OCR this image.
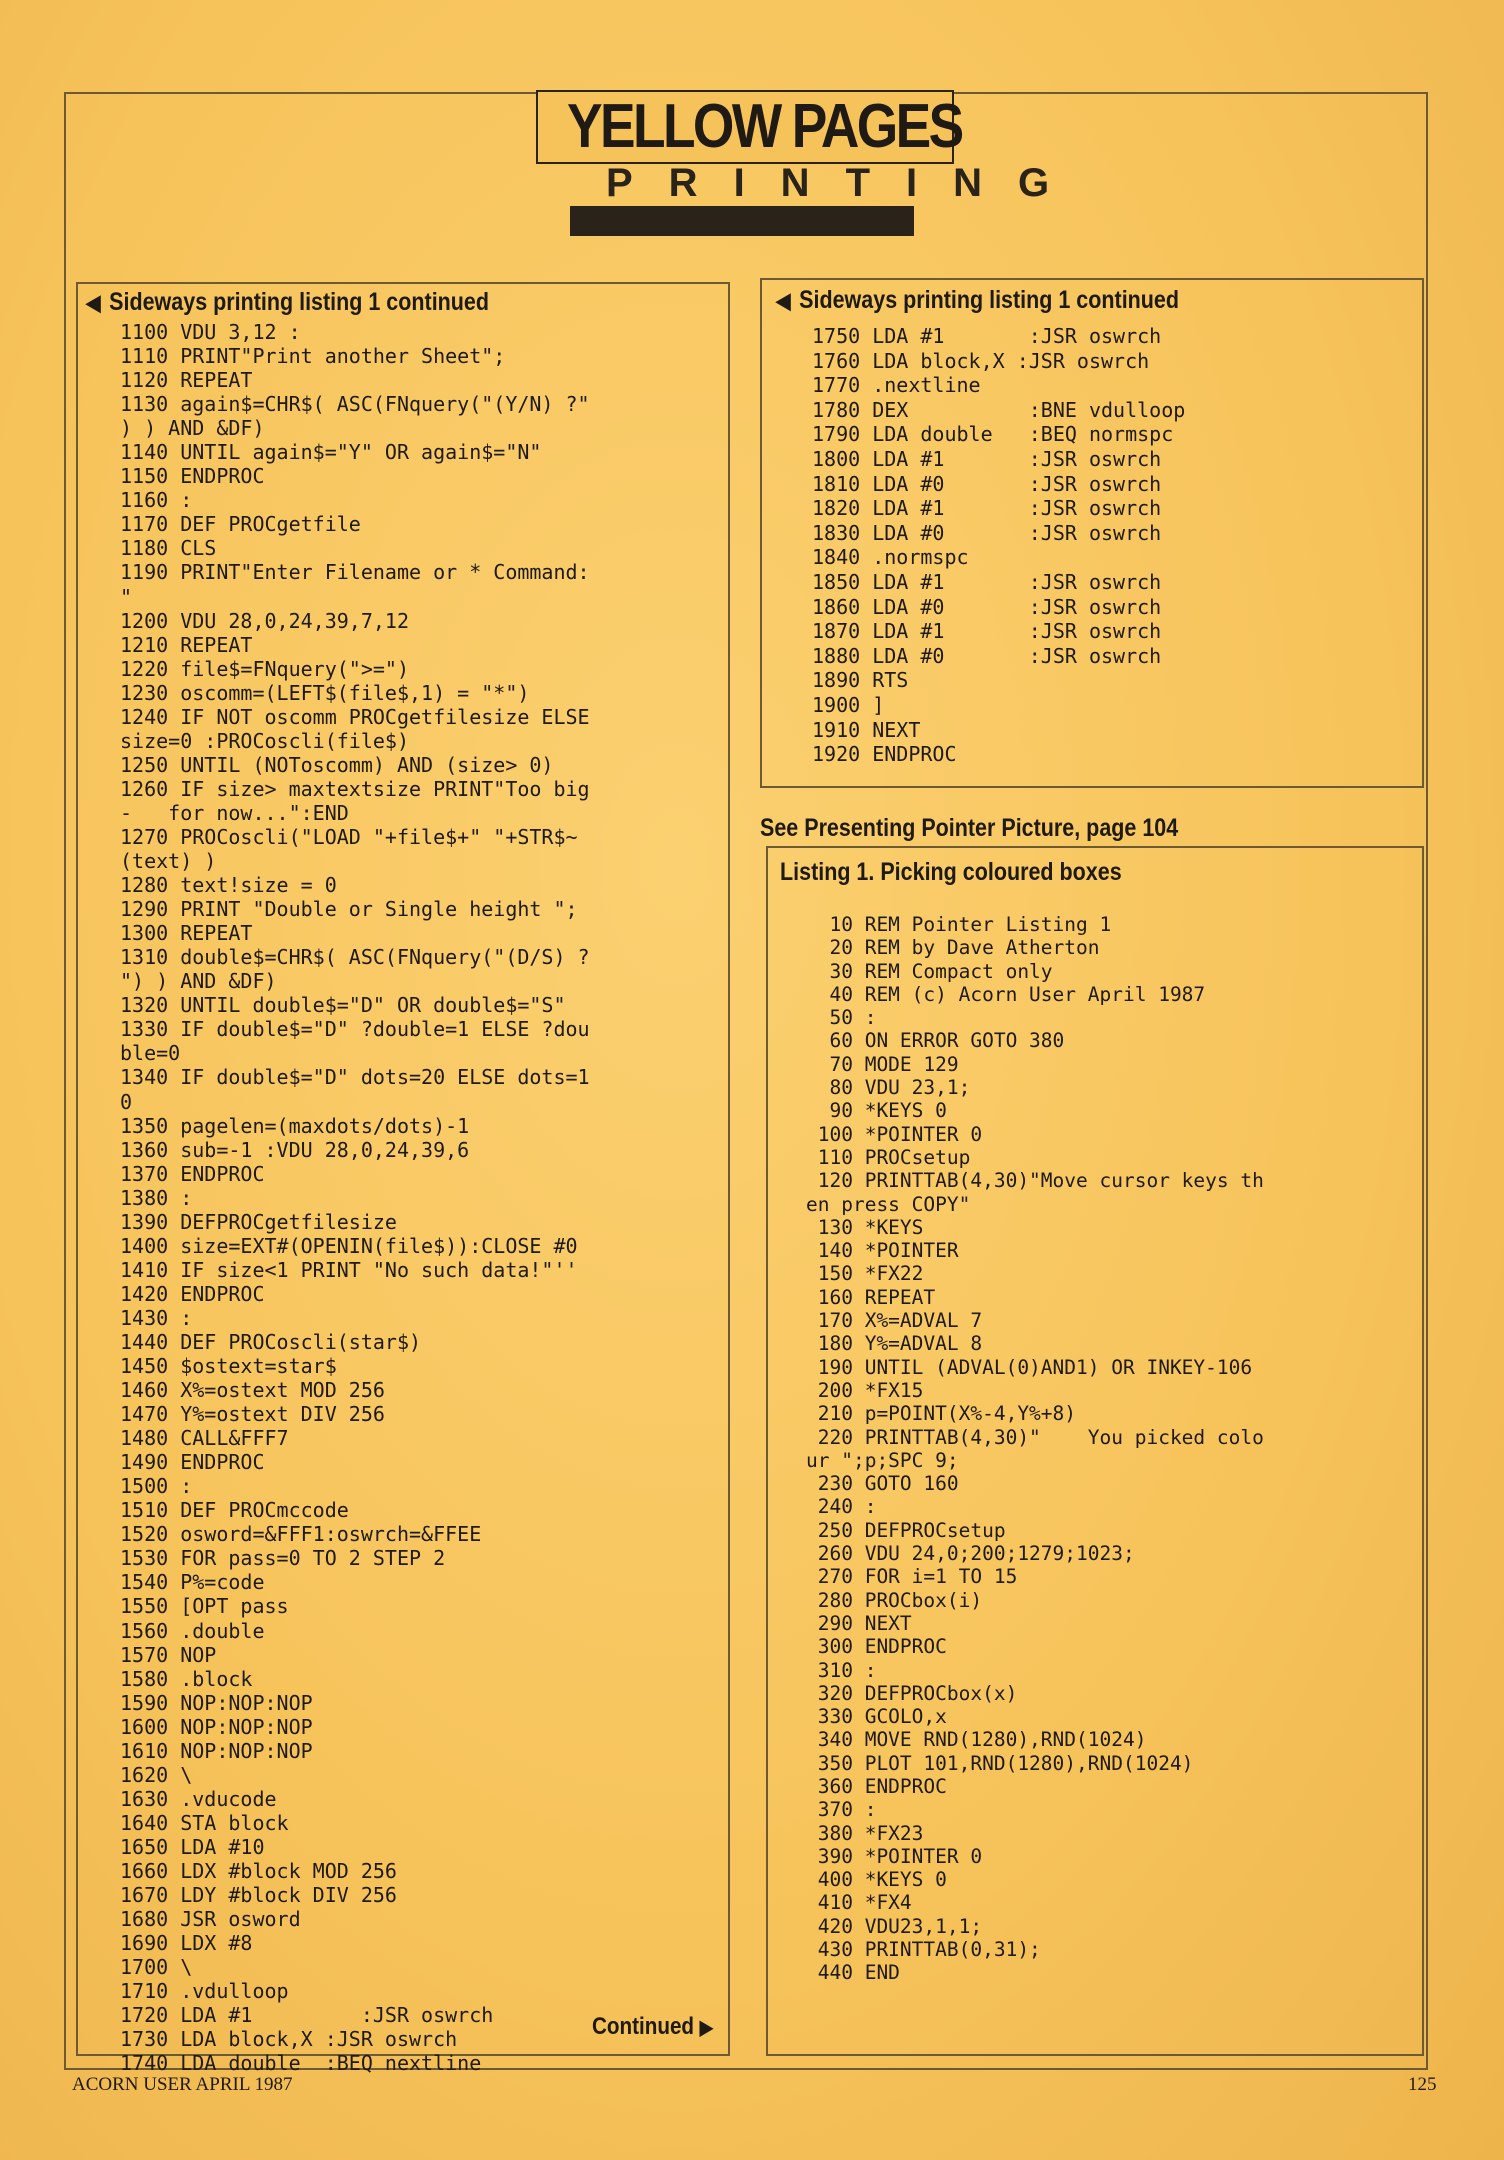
YELLOW PAGES
PRINTING
◀ Sideways printing listing 1 continued
1100 VDU 3,12 :
1110 PRINT"Print another Sheet";
1120 REPEAT
1130 again$=CHR$( ASC(FNquery("(Y/N) ?"
) ) AND &DF)
1140 UNTIL again$="Y" OR again$="N"
1150 ENDPROC
1160 :
1170 DEF PROCgetfile
1180 CLS
1190 PRINT"Enter Filename or * Command:
"
1200 VDU 28,0,24,39,7,12
1210 REPEAT
1220 file$=FNquery(">=")
1230 oscomm=(LEFT$(file$,1) = "*")
1240 IF NOT oscomm PROCgetfilesize ELSE
size=0 :PROCoscli(file$)
1250 UNTIL (NOToscomm) AND (size> 0)
1260 IF size> maxtextsize PRINT"Too big
-   for now...":END
1270 PROCoscli("LOAD "+file$+" "+STR$~
(text) )
1280 text!size = 0
1290 PRINT "Double or Single height ";
1300 REPEAT
1310 double$=CHR$( ASC(FNquery("(D/S) ?
") ) AND &DF)
1320 UNTIL double$="D" OR double$="S"
1330 IF double$="D" ?double=1 ELSE ?dou
ble=0
1340 IF double$="D" dots=20 ELSE dots=1
0
1350 pagelen=(maxdots/dots)-1
1360 sub=-1 :VDU 28,0,24,39,6
1370 ENDPROC
1380 :
1390 DEFPROCgetfilesize
1400 size=EXT#(OPENIN(file$)):CLOSE #0
1410 IF size<1 PRINT "No such data!"''
1420 ENDPROC
1430 :
1440 DEF PROCoscli(star$)
1450 $ostext=star$
1460 X%=ostext MOD 256
1470 Y%=ostext DIV 256
1480 CALL&FFF7
1490 ENDPROC
1500 :
1510 DEF PROCmccode
1520 osword=&FFF1:oswrch=&FFEE
1530 FOR pass=0 TO 2 STEP 2
1540 P%=code
1550 [OPT pass
1560 .double
1570 NOP
1580 .block
1590 NOP:NOP:NOP
1600 NOP:NOP:NOP
1610 NOP:NOP:NOP
1620 \
1630 .vducode
1640 STA block
1650 LDA #10
1660 LDX #block MOD 256
1670 LDY #block DIV 256
1680 JSR osword
1690 LDX #8
1700 \
1710 .vdulloop
1720 LDA #1         :JSR oswrch
1730 LDA block,X :JSR oswrch
1740 LDA double  :BEQ nextline
Continued ▶
◀ Sideways printing listing 1 continued
1750 LDA #1       :JSR oswrch
1760 LDA block,X :JSR oswrch
1770 .nextline
1780 DEX          :BNE vdulloop
1790 LDA double   :BEQ normspc
1800 LDA #1       :JSR oswrch
1810 LDA #0       :JSR oswrch
1820 LDA #1       :JSR oswrch
1830 LDA #0       :JSR oswrch
1840 .normspc
1850 LDA #1       :JSR oswrch
1860 LDA #0       :JSR oswrch
1870 LDA #1       :JSR oswrch
1880 LDA #0       :JSR oswrch
1890 RTS
1900 ]
1910 NEXT
1920 ENDPROC
See Presenting Pointer Picture, page 104
Listing 1. Picking coloured boxes
10 REM Pointer Listing 1
20 REM by Dave Atherton
30 REM Compact only
40 REM (c) Acorn User April 1987
50 :
60 ON ERROR GOTO 380
70 MODE 129
80 VDU 23,1;
90 *KEYS 0
100 *POINTER 0
110 PROCsetup
120 PRINTTAB(4,30)"Move cursor keys th
en press COPY"
130 *KEYS
140 *POINTER
150 *FX22
160 REPEAT
170 X%=ADVAL 7
180 Y%=ADVAL 8
190 UNTIL (ADVAL(0)AND1) OR INKEY-106
200 *FX15
210 p=POINT(X%-4,Y%+8)
220 PRINTTAB(4,30)"    You picked colo
ur ";p;SPC 9;
230 GOTO 160
240 :
250 DEFPROCsetup
260 VDU 24,0;200;1279;1023;
270 FOR i=1 TO 15
280 PROCbox(i)
290 NEXT
300 ENDPROC
310 :
320 DEFPROCbox(x)
330 GCOLO,x
340 MOVE RND(1280),RND(1024)
350 PLOT 101,RND(1280),RND(1024)
360 ENDPROC
370 :
380 *FX23
390 *POINTER 0
400 *KEYS 0
410 *FX4
420 VDU23,1,1;
430 PRINTTAB(0,31);
440 END
ACORN USER APRIL 1987	125
